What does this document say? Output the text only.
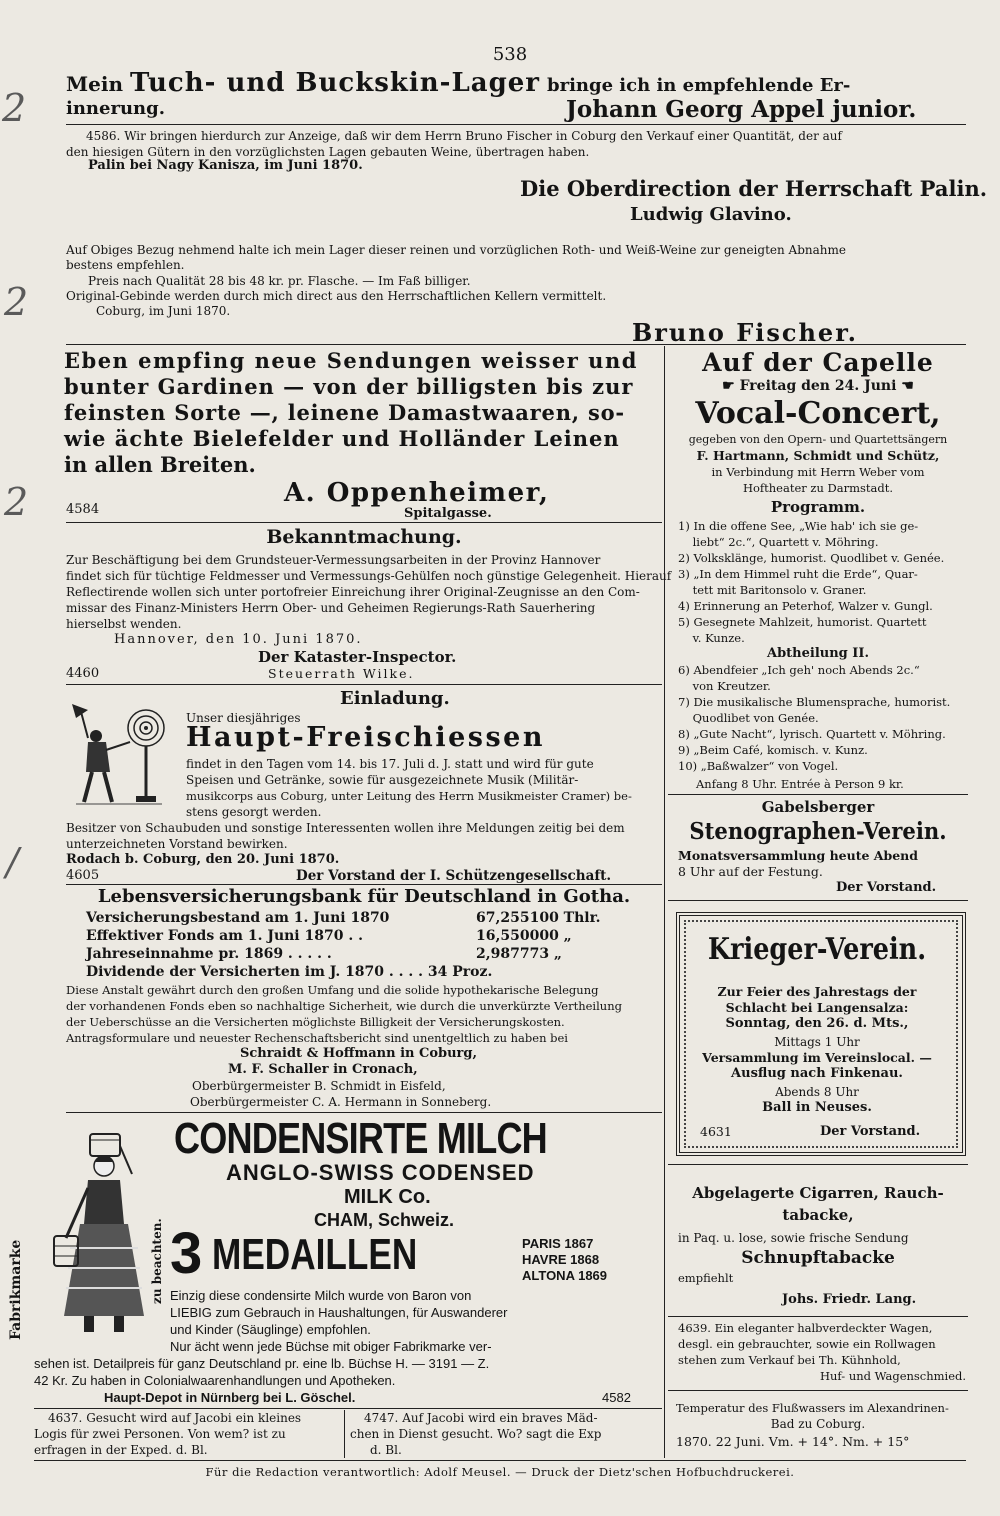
2
2
2
/
538
Mein Tuch- und Buckskin-Lager bringe ich in empfehlende Er-
innerung.	Johann Georg Appel junior.
4586. Wir bringen hierdurch zur Anzeige, daß wir dem Herrn Bruno Fischer in Coburg den Verkauf einer Quantität, der auf
den hiesigen Gütern in den vorzüglichsten Lagen gebauten Weine, übertragen haben.
Palin bei Nagy Kanisza, im Juni 1870.
Die Oberdirection der Herrschaft Palin.
Ludwig Glavino.
Auf Obiges Bezug nehmend halte ich mein Lager dieser reinen und vorzüglichen Roth- und Weiß-Weine zur geneigten Abnahme
bestens empfehlen.
Preis nach Qualität 28 bis 48 kr. pr. Flasche. — Im Faß billiger.
Original-Gebinde werden durch mich direct aus den Herrschaftlichen Kellern vermittelt.
Coburg, im Juni 1870.
Bruno Fischer.
Eben empfing neue Sendungen weisser und
bunter Gardinen — von der billigsten bis zur
feinsten Sorte —, leinene Damastwaaren, so-
wie ächte Bielefelder und Holländer Leinen
in allen Breiten.
A. Oppenheimer,
4584	Spitalgasse.
Bekanntmachung.
Zur Beschäftigung bei dem Grundsteuer-Vermessungsarbeiten in der Provinz Hannover
findet sich für tüchtige Feldmesser und Vermessungs-Gehülfen noch günstige Gelegenheit. Hierauf
Reflectirende wollen sich unter portofreier Einreichung ihrer Original-Zeugnisse an den Com-
missar des Finanz-Ministers Herrn Ober- und Geheimen Regierungs-Rath Sauerhering
hierselbst wenden.
Hannover, den 10. Juni 1870.
Der Kataster-Inspector.
4460	Steuerrath Wilke.
Einladung.
Unser diesjähriges
Haupt-Freischiessen
findet in den Tagen vom 14. bis 17. Juli d. J. statt und wird für gute
Speisen und Getränke, sowie für ausgezeichnete Musik (Militär-
musikcorps aus Coburg, unter Leitung des Herrn Musikmeister Cramer) be-
stens gesorgt werden.
Besitzer von Schaubuden und sonstige Interessenten wollen ihre Meldungen zeitig bei dem
unterzeichneten Vorstand bewirken.
Rodach b. Coburg, den 20. Juni 1870.
4605	Der Vorstand der I. Schützengesellschaft.
Lebensversicherungsbank für Deutschland in Gotha.
Versicherungsbestand am 1. Juni 1870	67,255100 Thlr.
Effektiver Fonds am 1. Juni 1870 . .	16,550000 „
Jahreseinnahme pr. 1869 . . . . .	2,987773 „
Dividende der Versicherten im J. 1870 . . . . 34 Proz.
Diese Anstalt gewährt durch den großen Umfang und die solide hypothekarische Belegung
der vorhandenen Fonds eben so nachhaltige Sicherheit, wie durch die unverkürzte Vertheilung
der Ueberschüsse an die Versicherten möglichste Billigkeit der Versicherungskosten.
Antragsformulare und neuester Rechenschaftsbericht sind unentgeltlich zu haben bei
Schraidt & Hoffmann in Coburg,
M. F. Schaller in Cronach,
Oberbürgermeister B. Schmidt in Eisfeld,
Oberbürgermeister C. A. Hermann in Sonneberg.
CONDENSIRTE MILCH
ANGLO-SWISS CODENSED
MILK Co.
CHAM, Schweiz.
Fabrikmarke	zu beachten. 3 MEDAILLEN	PARIS 1867
HAVRE 1868
ALTONA 1869
Einzig diese condensirte Milch wurde von Baron von
LIEBIG zum Gebrauch in Haushaltungen, für Auswanderer
und Kinder (Säuglinge) empfohlen.
Nur ächt wenn jede Büchse mit obiger Fabrikmarke ver-
sehen ist. Detailpreis für ganz Deutschland pr. eine lb. Büchse H. — 3191 — Z.
42 Kr. Zu haben in Colonialwaarenhandlungen und Apotheken.
Haupt-Depot in Nürnberg bei L. Göschel.	4582
4637. Gesucht wird auf Jacobi ein kleines
Logis für zwei Personen. Von wem? ist zu
erfragen in der Exped. d. Bl.
4747. Auf Jacobi wird ein braves Mäd-
chen in Dienst gesucht. Wo? sagt die Exp
d. Bl.
Für die Redaction verantwortlich: Adolf Meusel. — Druck der Dietz'schen Hofbuchdruckerei.
Auf der Capelle
☛ Freitag den 24. Juni ☚
Vocal-Concert,
gegeben von den Opern- und Quartettsängern
F. Hartmann, Schmidt und Schütz,
in Verbindung mit Herrn Weber vom
Hoftheater zu Darmstadt.
Programm.
1) In die offene See, „Wie hab' ich sie ge-
liebt“ 2c.“, Quartett v. Möhring.
2) Volksklänge, humorist. Quodlibet v. Genée.
3) „In dem Himmel ruht die Erde“, Quar-
tett mit Baritonsolo v. Graner.
4) Erinnerung an Peterhof, Walzer v. Gungl.
5) Gesegnete Mahlzeit, humorist. Quartett
v. Kunze.
Abtheilung II.
6) Abendfeier „Ich geh' noch Abends 2c.“
von Kreutzer.
7) Die musikalische Blumensprache, humorist.
Quodlibet von Genée.
8) „Gute Nacht“, lyrisch. Quartett v. Möhring.
9) „Beim Café, komisch. v. Kunz.
10) „Baßwalzer“ von Vogel.
Anfang 8 Uhr. Entrée à Person 9 kr.
Gabelsberger
Stenographen-Verein.
Monatsversammlung heute Abend
8 Uhr auf der Festung.
Der Vorstand.
Krieger-Verein.
Zur Feier des Jahrestags der
Schlacht bei Langensalza:
Sonntag, den 26. d. Mts.,
Mittags 1 Uhr
Versammlung im Vereinslocal. —
Ausflug nach Finkenau.
Abends 8 Uhr
Ball in Neuses.
4631	Der Vorstand.
Abgelagerte Cigarren, Rauch-
tabacke,
in Paq. u. lose, sowie frische Sendung
Schnupftabacke
empfiehlt
Johs. Friedr. Lang.
4639. Ein eleganter halbverdeckter Wagen,
desgl. ein gebrauchter, sowie ein Rollwagen
stehen zum Verkauf bei Th. Kühnhold,
Huf- und Wagenschmied.
Temperatur des Flußwassers im Alexandrinen-
Bad zu Coburg.
1870. 22 Juni. Vm. + 14°. Nm. + 15°
